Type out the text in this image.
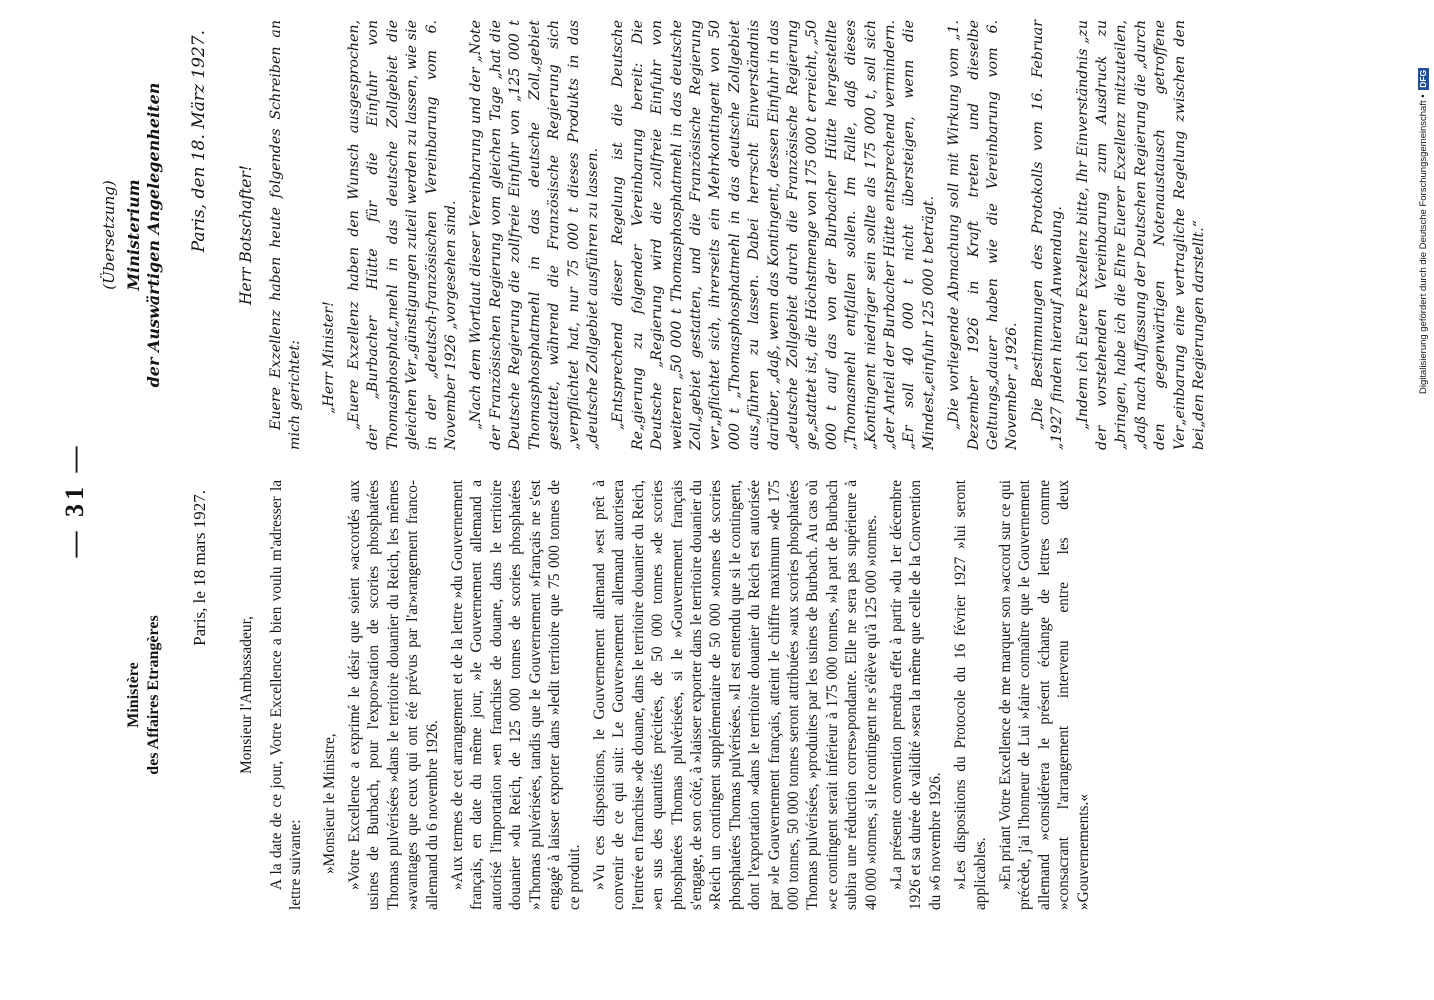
— 31 —
Ministère des Affaires Etrangères
Paris, le 18 mars 1927.
Monsieur l'Ambassadeur, A la date de ce jour, Votre Excellence a bien voulu m'adresser la lettre suivante: »Monsieur le Ministre, »Votre Excellence a exprimé le désir que soient »accordés aux usines de Burbach, pour l'expor»tation de scories phosphatées Thomas pulvérisées »dans le territoire douanier du Reich, les mêmes »avantages que ceux qui ont été prévus par l'ar»rangement franco-allemand du 6 novembre 1926. »Aux termes de cet arrangement et de la lettre »du Gouvernement français, en date du même jour, »le Gouvernement allemand a autorisé l'importation »en franchise de douane, dans le territoire douanier »du Reich, de 125 000 tonnes de scories phosphatées »Thomas pulvérisées, tandis que le Gouvernement »français ne s'est engagé à laisser exporter dans »ledit territoire que 75 000 tonnes de ce produit. »Vu ces dispositions, le Gouvernement allemand »est prêt à convenir de ce qui suit: Le Gouver»nement allemand autorisera l'entrée en franchise »de douane, dans le territoire douanier du Reich, »en sus des quantités précitées, de 50 000 tonnes »de scories phosphatées Thomas pulvérisées, si le »Gouvernement français s'engage, de son côté, à »laisser exporter dans le territoire douanier du »Reich un contingent supplémentaire de 50 000 »tonnes de scories phosphatées Thomas pulvérisées. »Il est entendu que si le contingent, dont l'exportation »dans le territoire douanier du Reich est autorisée par »le Gouvernement français, atteint le chiffre maximum »de 175 000 tonnes, 50 000 tonnes seront attribuées »aux scories phosphatées Thomas pulvérisées, »produites par les usines de Burbach. Au cas où »ce contingent serait inférieur à 175 000 tonnes, »la part de Burbach subira une réduction corres»pondante. Elle ne sera pas supérieure à 40 000 »tonnes, si le contingent ne s'élève qu'à 125 000 »tonnes. »La présente convention prendra effet à partir »du 1er décembre 1926 et sa durée de validité »sera la même que celle de la Convention du »6 novembre 1926. »Les dispositions du Protocole du 16 février 1927 »lui seront applicables. »En priant Votre Excellence de me marquer son »accord sur ce qui précède, j'ai l'honneur de Lui »faire connaître que le Gouvernement allemand »considérera le présent échange de lettres comme »consacrant l'arrangement intervenu entre les deux »Gouvernements.«

(Übersetzung) Ministerium der Auswärtigen Angelegenheiten Paris, den 18. März 1927. Herr Botschafter! Euere Exzellenz haben heute folgendes Schreiben an mich gerichtet: „Herr Minister! „Euere Exzellenz haben den Wunsch ausgesprochen, der „Burbacher Hütte für die Einfuhr von Thomasphosphat„mehl in das deutsche Zollgebiet die gleichen Ver„günstigungen zuteil werden zu lassen, wie sie in der „deutsch-französischen Vereinbarung vom 6. November 1926 „vorgesehen sind. „Nach dem Wortlaut dieser Vereinbarung und der „Note der Französischen Regierung vom gleichen Tage „hat die Deutsche Regierung die zollfreie Einfuhr von „125 000 t Thomasphosphatmehl in das deutsche Zoll„gebiet gestattet, während die Französische Regierung sich „verpflichtet hat, nur 75 000 t dieses Produkts in das „deutsche Zollgebiet ausführen zu lassen. „Entsprechend dieser Regelung ist die Deutsche Re„gierung zu folgender Vereinbarung bereit: Die Deutsche „Regierung wird die zollfreie Einfuhr von weiteren „50 000 t Thomasphosphatmehl in das deutsche Zoll„gebiet gestatten, und die Französische Regierung ver„pflichtet sich, ihrerseits ein Mehrkontingent von 50 000 t „Thomasphosphatmehl in das deutsche Zollgebiet aus„führen zu lassen. Dabei herrscht Einverständnis darüber, „daß, wenn das Kontingent, dessen Einfuhr in das „deutsche Zollgebiet durch die Französische Regierung ge„stattet ist, die Höchstmenge von 175 000 t erreicht, „50 000 t auf das von der Burbacher Hütte hergestellte „Thomasmehl entfallen sollen. Im Falle, daß dieses „Kontingent niedriger sein sollte als 175 000 t, soll sich „der Anteil der Burbacher Hütte entsprechend vermindern. „Er soll 40 000 t nicht übersteigen, wenn die Mindest„einfuhr 125 000 t beträgt. „Die vorliegende Abmachung soll mit Wirkung vom „1. Dezember 1926 in Kraft treten und dieselbe Geltungs„dauer haben wie die Vereinbarung vom 6. November „1926. „Die Bestimmungen des Protokolls vom 16. Februar „1927 finden hierauf Anwendung. „Indem ich Euere Exzellenz bitte, Ihr Einverständnis „zu der vorstehenden Vereinbarung zum Ausdruck zu „bringen, habe ich die Ehre Euerer Exzellenz mitzuteilen, „daß nach Auffassung der Deutschen Regierung die „durch den gegenwärtigen Notenaustausch getroffene Ver„einbarung eine vertragliche Regelung zwischen den bei„den Regierungen darstellt.“	Digitalisierung gefördert durch die Deutsche Forschungsgemeinschaft • DFG
